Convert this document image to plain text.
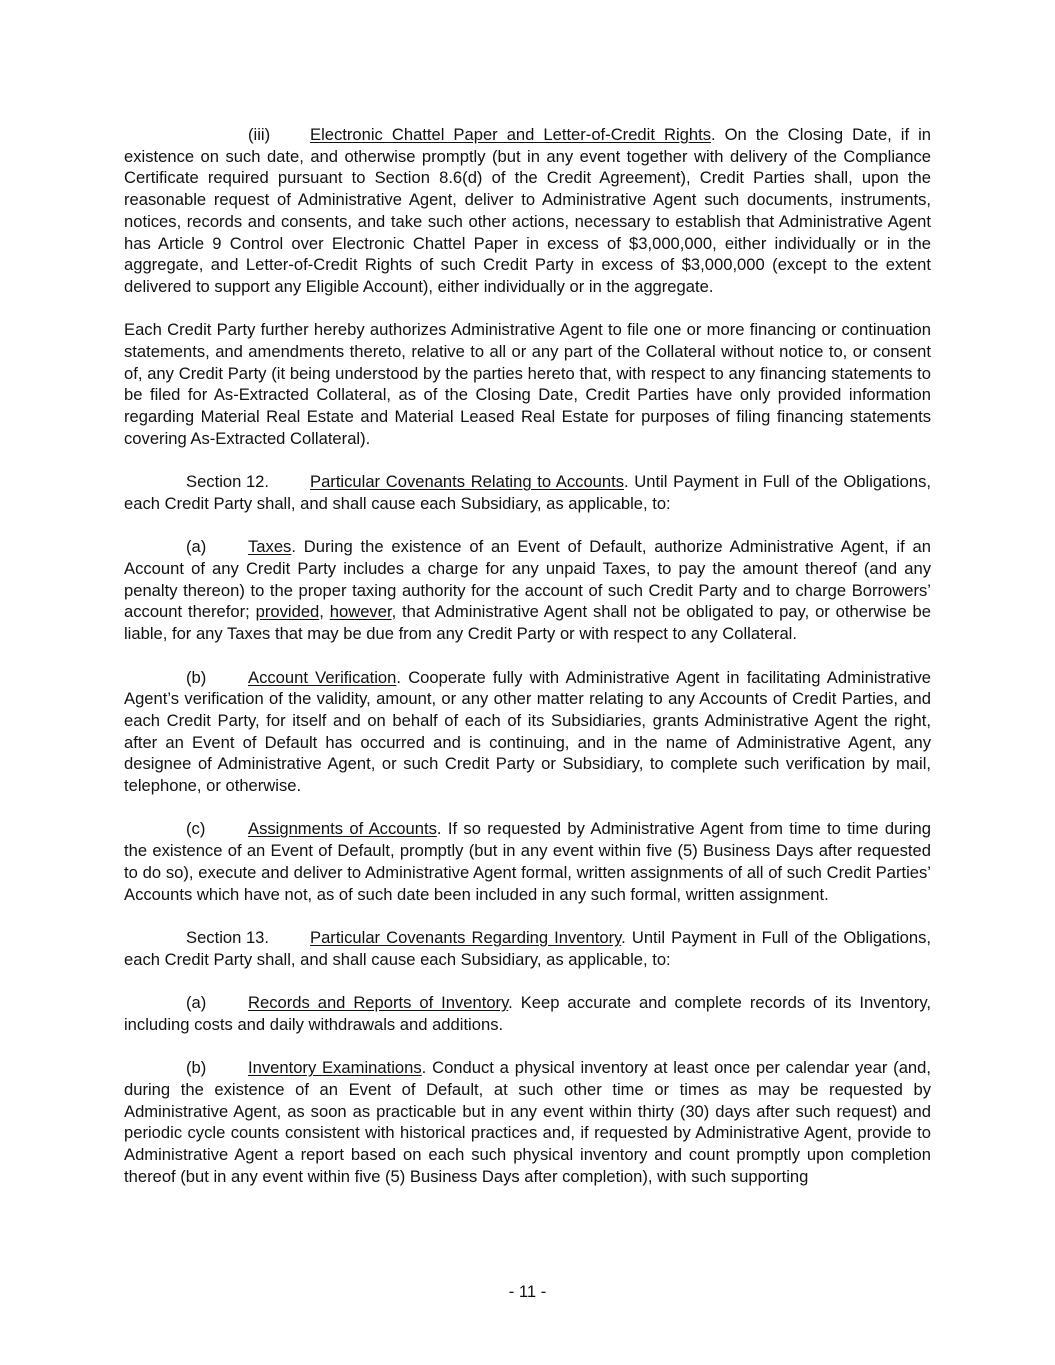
(iii) Electronic Chattel Paper and Letter-of-Credit Rights. On the Closing Date, if in existence on such date, and otherwise promptly (but in any event together with delivery of the Compliance Certificate required pursuant to Section 8.6(d) of the Credit Agreement), Credit Parties shall, upon the reasonable request of Administrative Agent, deliver to Administrative Agent such documents, instruments, notices, records and consents, and take such other actions, necessary to establish that Administrative Agent has Article 9 Control over Electronic Chattel Paper in excess of $3,000,000, either individually or in the aggregate, and Letter-of-Credit Rights of such Credit Party in excess of $3,000,000 (except to the extent delivered to support any Eligible Account), either individually or in the aggregate.

Each Credit Party further hereby authorizes Administrative Agent to file one or more financing or continuation statements, and amendments thereto, relative to all or any part of the Collateral without notice to, or consent of, any Credit Party (it being understood by the parties hereto that, with respect to any financing statements to be filed for As-Extracted Collateral, as of the Closing Date, Credit Parties have only provided information regarding Material Real Estate and Material Leased Real Estate for purposes of filing financing statements covering As-Extracted Collateral).

Section 12. Particular Covenants Relating to Accounts. Until Payment in Full of the Obligations, each Credit Party shall, and shall cause each Subsidiary, as applicable, to:

(a)	Taxes. During the existence of an Event of Default, authorize Administrative Agent, if an Account of any Credit Party includes a charge for any unpaid Taxes, to pay the amount thereof (and any penalty thereon) to the proper taxing authority for the account of such Credit Party and to charge Borrowers’ account therefor; provided, however, that Administrative Agent shall not be obligated to pay, or otherwise be liable, for any Taxes that may be due from any Credit Party or with respect to any Collateral.

(b)	Account Verification. Cooperate fully with Administrative Agent in facilitating Administrative Agent’s verification of the validity, amount, or any other matter relating to any Accounts of Credit Parties, and each Credit Party, for itself and on behalf of each of its Subsidiaries, grants Administrative Agent the right, after an Event of Default has occurred and is continuing, and in the name of Administrative Agent, any designee of Administrative Agent, or such Credit Party or Subsidiary, to complete such verification by mail, telephone, or otherwise.

(c)	Assignments of Accounts. If so requested by Administrative Agent from time to time during the existence of an Event of Default, promptly (but in any event within five (5) Business Days after requested to do so), execute and deliver to Administrative Agent formal, written assignments of all of such Credit Parties’ Accounts which have not, as of such date been included in any such formal, written assignment.

Section 13. Particular Covenants Regarding Inventory. Until Payment in Full of the Obligations, each Credit Party shall, and shall cause each Subsidiary, as applicable, to:

(a)	Records and Reports of Inventory. Keep accurate and complete records of its Inventory, including costs and daily withdrawals and additions.

(b)	Inventory Examinations. Conduct a physical inventory at least once per calendar year (and, during the existence of an Event of Default, at such other time or times as may be requested by Administrative Agent, as soon as practicable but in any event within thirty (30) days after such request) and periodic cycle counts consistent with historical practices and, if requested by Administrative Agent, provide to Administrative Agent a report based on each such physical inventory and count promptly upon completion thereof (but in any event within five (5) Business Days after completion), with such supporting

- 11 -
